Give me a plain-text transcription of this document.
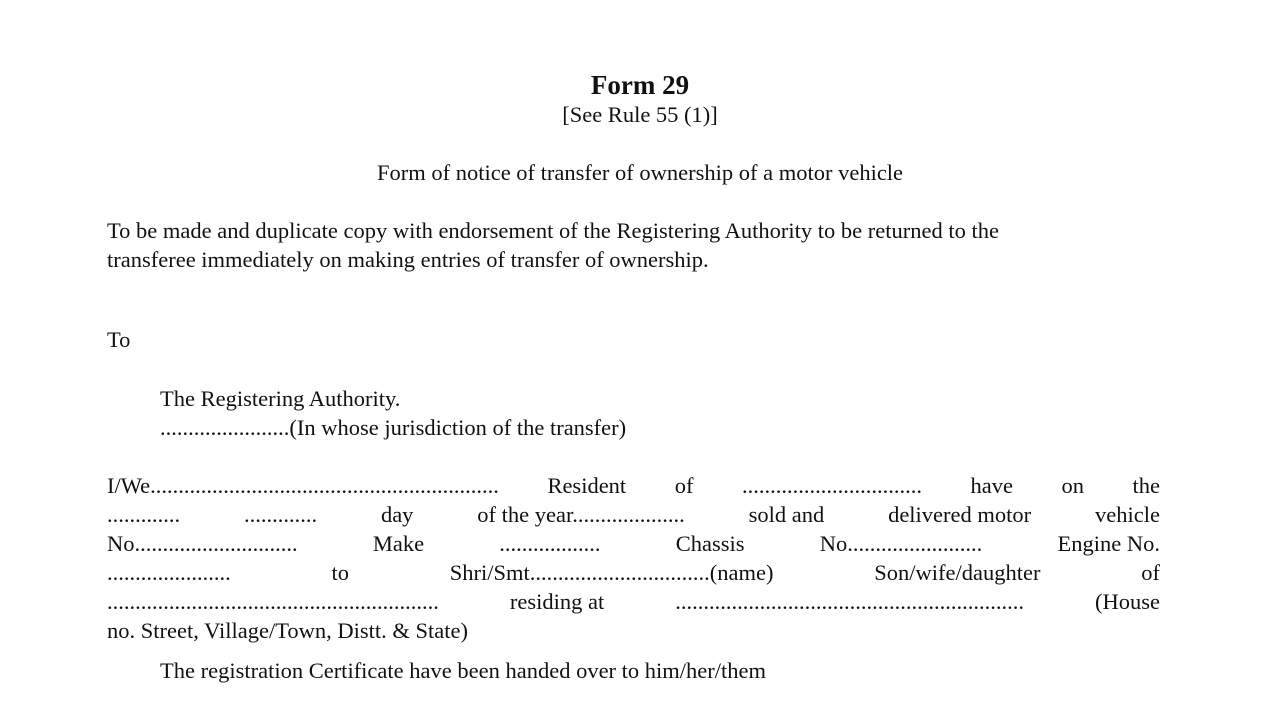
Form 29
[See Rule 55 (1)]
Form of notice of transfer of ownership of a motor vehicle
To be made and duplicate copy with endorsement of the Registering Authority to be returned to the
transferee immediately on making entries of transfer of ownership.
To
The Registering Authority.
.......................(In whose jurisdiction of the transfer)
I/We.............................................................. Resident of ................................ have on the
.............	.............	day	of the year....................	sold and	delivered motor	vehicle
No.............................	Make	..................	Chassis	No........................	Engine No.
......................	to	Shri/Smt................................(name)	Son/wife/daughter	of
...........................................................	residing at	..............................................................	(House
no. Street, Village/Town, Distt. & State)
The registration Certificate have been handed over to him/her/them
